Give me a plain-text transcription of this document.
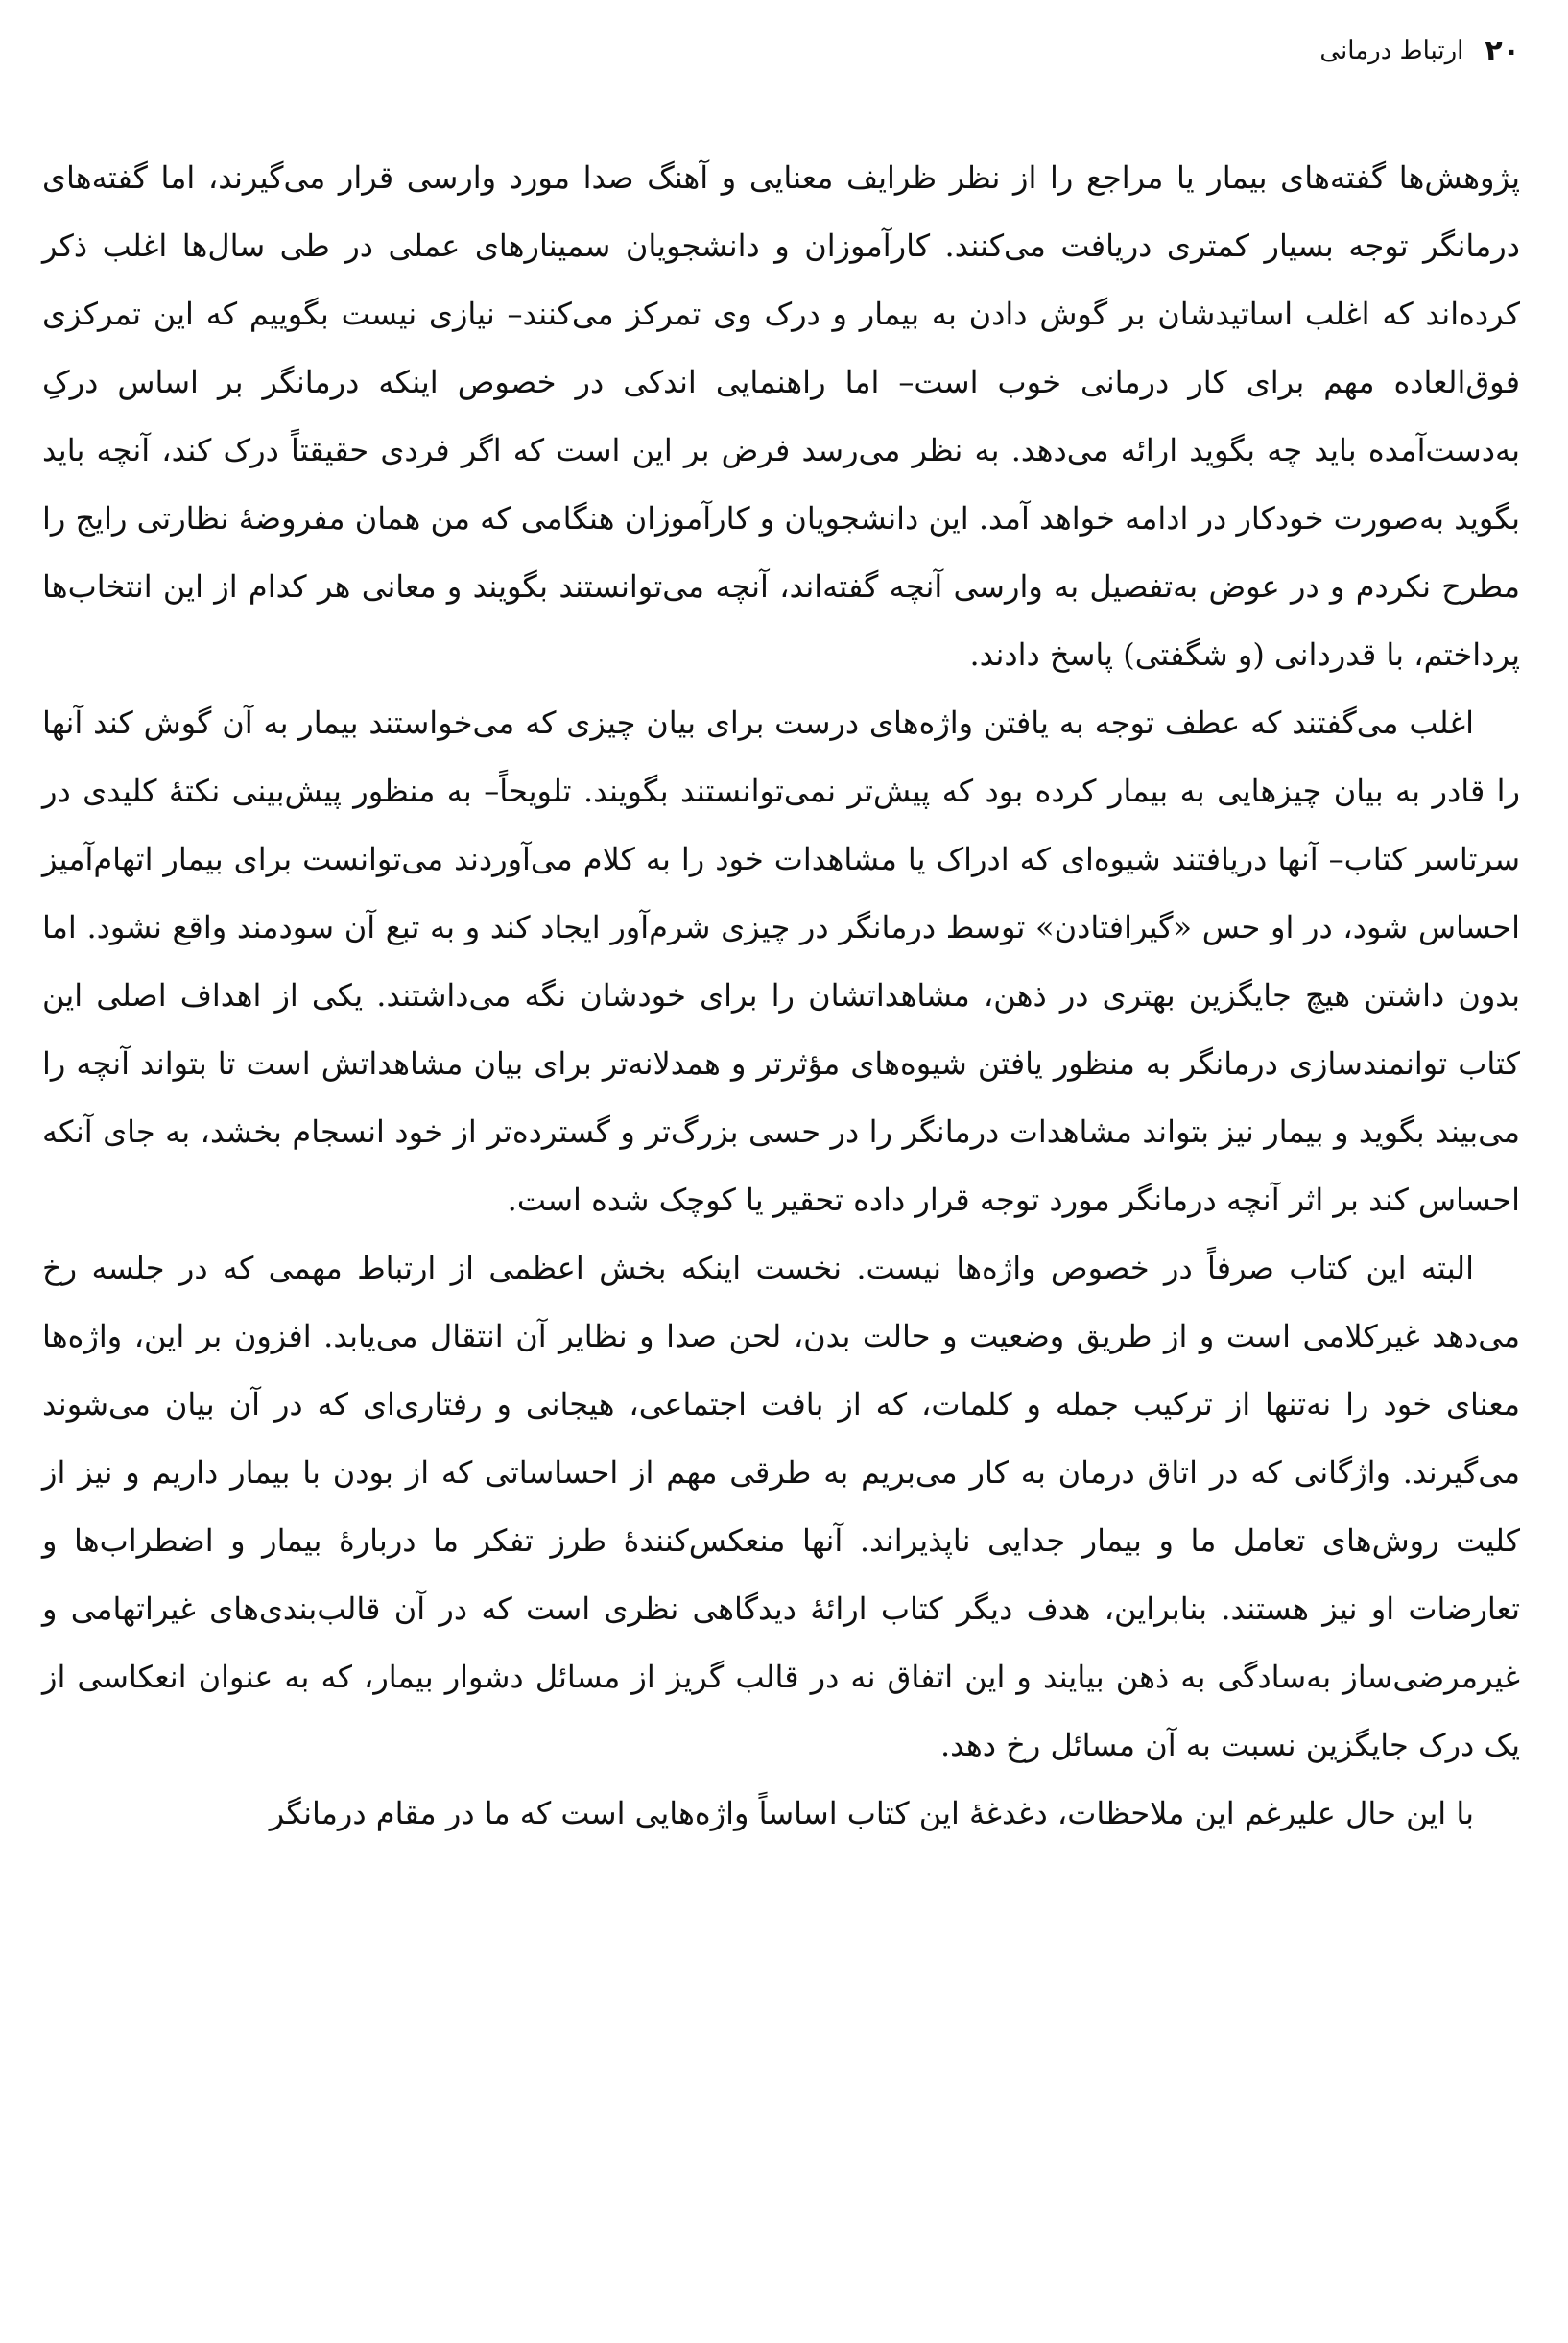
۲۰
ارتباط درمانی

پژوهش‌ها گفته‌های بیمار یا مراجع را از نظر ظرایف معنایی و آهنگ صدا مورد وارسی قرار می‌گیرند، اما گفته‌های درمانگر توجه بسیار کمتری دریافت می‌کنند. کارآموزان و دانشجویان سمینارهای عملی در طی سال‌ها اغلب ذکر کرده‌اند که اغلب اساتیدشان بر گوش دادن به بیمار و درک وی تمرکز می‌کنند– نیازی نیست بگوییم که این تمرکزی فوق‌العاده مهم برای کار درمانی خوب است– اما راهنمایی اندکی در خصوص اینکه درمانگر بر اساس درکِ به‌دست‌آمده باید چه بگوید ارائه می‌دهد. به نظر می‌رسد فرض بر این است که اگر فردی حقیقتاً درک کند، آنچه باید بگوید به‌صورت خودکار در ادامه خواهد آمد. این دانشجویان و کارآموزان هنگامی که من همان مفروضهٔ نظارتی رایج را مطرح نکردم و در عوض به‌تفصیل به وارسی آنچه گفته‌اند، آنچه می‌توانستند بگویند و معانی هر کدام از این انتخاب‌ها پرداختم، با قدردانی (و شگفتی) پاسخ دادند.

اغلب می‌گفتند که عطف توجه به یافتن واژه‌های درست برای بیان چیزی که می‌خواستند بیمار به آن گوش کند آنها را قادر به بیان چیزهایی به بیمار کرده بود که پیش‌تر نمی‌توانستند بگویند. تلویحاً– به منظور پیش‌بینی نکتهٔ کلیدی در سرتاسر کتاب– آنها دریافتند شیوه‌ای که ادراک یا مشاهدات خود را به کلام می‌آوردند می‌توانست برای بیمار اتهام‌آمیز احساس شود، در او حس «گیرافتادن» توسط درمانگر در چیزی شرم‌آور ایجاد کند و به تبع آن سودمند واقع نشود. اما بدون داشتن هیچ جایگزین بهتری در ذهن، مشاهداتشان را برای خودشان نگه می‌داشتند. یکی از اهداف اصلی این کتاب توانمندسازی درمانگر به منظور یافتن شیوه‌های مؤثرتر و همدلانه‌تر برای بیان مشاهداتش است تا بتواند آنچه را می‌بیند بگوید و بیمار نیز بتواند مشاهدات درمانگر را در حسی بزرگ‌تر و گسترده‌تر از خود انسجام بخشد، به جای آنکه احساس کند بر اثر آنچه درمانگر مورد توجه قرار داده تحقیر یا کوچک شده است.

البته این کتاب صرفاً در خصوص واژه‌ها نیست. نخست اینکه بخش اعظمی از ارتباط مهمی که در جلسه رخ می‌دهد غیرکلامی است و از طریق وضعیت و حالت بدن، لحن صدا و نظایر آن انتقال می‌یابد. افزون بر این، واژه‌ها معنای خود را نه‌تنها از ترکیب جمله و کلمات، که از بافت اجتماعی، هیجانی و رفتاری‌ای که در آن بیان می‌شوند می‌گیرند. واژگانی که در اتاق درمان به کار می‌بریم به طرقی مهم از احساساتی که از بودن با بیمار داریم و نیز از کلیت روش‌های تعامل ما و بیمار جدایی ناپذیراند. آنها منعکس‌کنندهٔ طرز تفکر ما دربارهٔ بیمار و اضطراب‌ها و تعارضات او نیز هستند. بنابراین، هدف دیگر کتاب ارائهٔ دیدگاهی نظری است که در آن قالب‌بندی‌های غیراتهامی و غیرمرضی‌ساز به‌سادگی به ذهن بیایند و این اتفاق نه در قالب گریز از مسائل دشوار بیمار، که به عنوان انعکاسی از یک درک جایگزین نسبت به آن مسائل رخ دهد.

با این حال علیرغم این ملاحظات، دغدغهٔ این کتاب اساساً واژه‌هایی است که ما در مقام درمانگر
